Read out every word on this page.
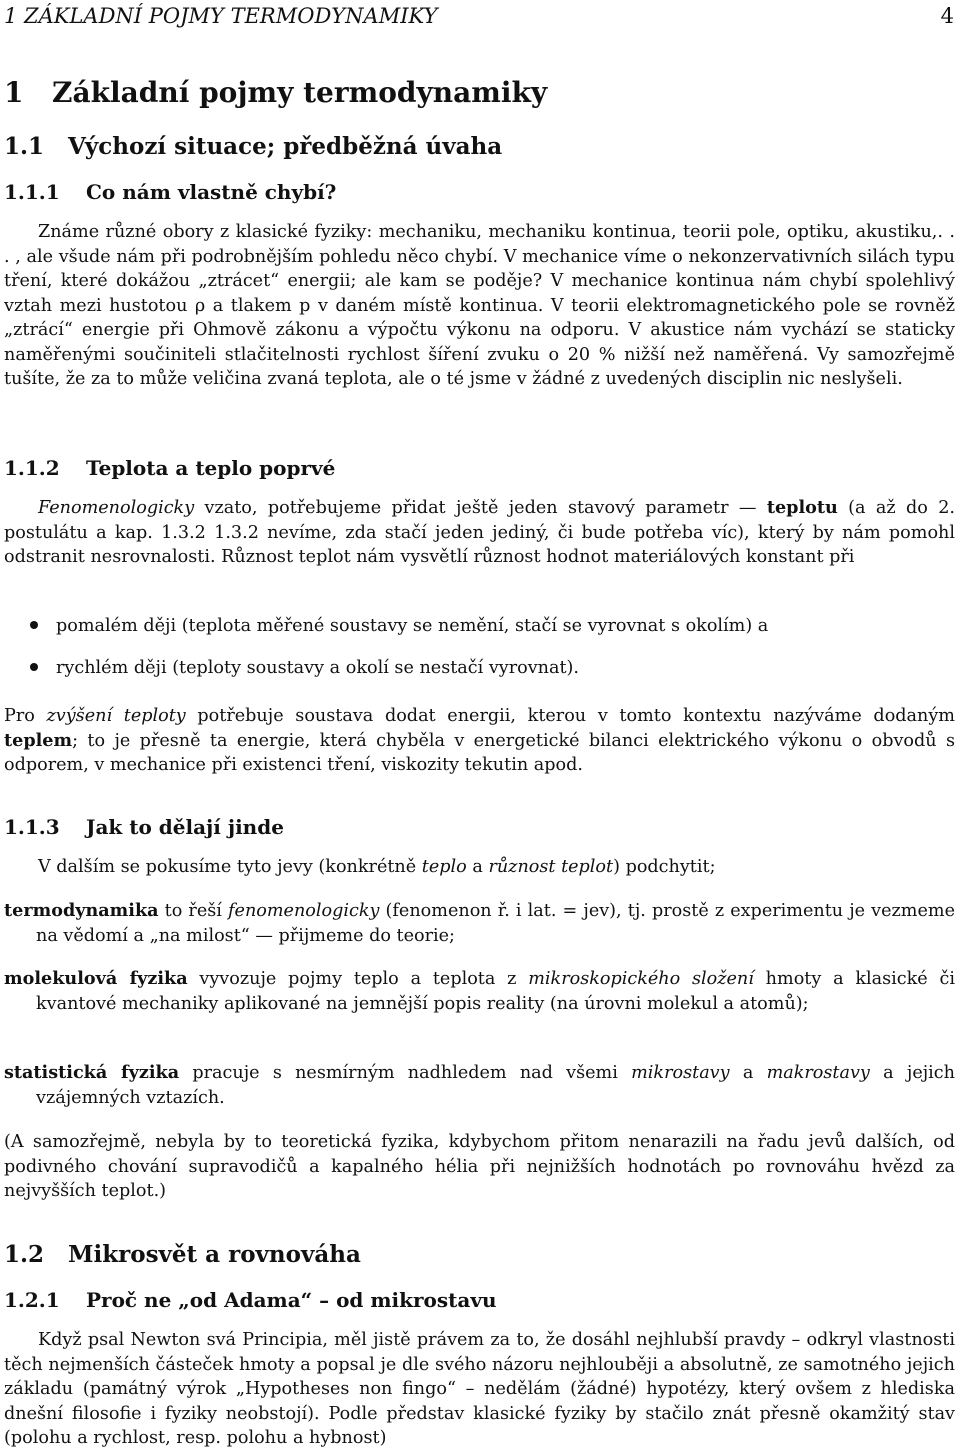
1 ZÁKLADNÍ POJMY TERMODYNAMIKY	4
1 Základní pojmy termodynamiky
1.1 Výchozí situace; předběžná úvaha
1.1.1 Co nám vlastně chybí?
Známe různé obory z klasické fyziky: mechaniku, mechaniku kontinua, teorii pole, optiku, akustiku,. . . , ale všude nám při podrobnějším pohledu něco chybí. V mechanice víme o nekonzervativních silách typu tření, které dokážou „ztrácet“ energii; ale kam se poděje? V mechanice kontinua nám chybí spolehlivý vztah mezi hustotou ρ a tlakem p v daném místě kontinua. V teorii elektromagnetického pole se rovněž „ztrácí“ energie při Ohmově zákonu a výpočtu výkonu na odporu. V akustice nám vychází se staticky naměřenými součiniteli stlačitelnosti rychlost šíření zvuku o 20 % nižší než naměřená. Vy samozřejmě tušíte, že za to může veličina zvaná teplota, ale o té jsme v žádné z uvedených disciplin nic neslyšeli.
1.1.2 Teplota a teplo poprvé
Fenomenologicky vzato, potřebujeme přidat ještě jeden stavový parametr — teplotu (a až do 2. postulátu a kap. 1.3.2 1.3.2 nevíme, zda stačí jeden jediný, či bude potřeba víc), který by nám pomohl odstranit nesrovnalosti. Různost teplot nám vysvětlí různost hodnot materiálových konstant při
pomalém ději (teplota měřené soustavy se nemění, stačí se vyrovnat s okolím) a
rychlém ději (teploty soustavy a okolí se nestačí vyrovnat).
Pro zvýšení teploty potřebuje soustava dodat energii, kterou v tomto kontextu nazýváme dodaným teplem; to je přesně ta energie, která chyběla v energetické bilanci elektrického výkonu o obvodů s odporem, v mechanice při existenci tření, viskozity tekutin apod.
1.1.3 Jak to dělají jinde
V dalším se pokusíme tyto jevy (konkrétně teplo a různost teplot) podchytit;
termodynamika to řeší fenomenologicky (fenomenon ř. i lat. = jev), tj. prostě z experimentu je vezmeme na vědomí a „na milost“ — přijmeme do teorie;
molekulová fyzika vyvozuje pojmy teplo a teplota z mikroskopického složení hmoty a klasické či kvantové mechaniky aplikované na jemnější popis reality (na úrovni molekul a atomů);
statistická fyzika pracuje s nesmírným nadhledem nad všemi mikrostavy a makrostavy a jejich vzájemných vztazích.
(A samozřejmě, nebyla by to teoretická fyzika, kdybychom přitom nenarazili na řadu jevů dalších, od podivného chování supravodičů a kapalného hélia při nejnižších hodnotách po rovnováhu hvězd za nejvyšších teplot.)
1.2 Mikrosvět a rovnováha
1.2.1 Proč ne „od Adama“ – od mikrostavu
Když psal Newton svá Principia, měl jistě právem za to, že dosáhl nejhlubší pravdy – odkryl vlastnosti těch nejmenších částeček hmoty a popsal je dle svého názoru nejhlouběji a absolutně, ze samotného jejich základu (památný výrok „Hypotheses non fingo“ – nedělám (žádné) hypotézy, který ovšem z hlediska dnešní filosofie i fyziky neobstojí). Podle představ klasické fyziky by stačilo znát přesně okamžitý stav (polohu a rychlost, resp. polohu a hybnost)
